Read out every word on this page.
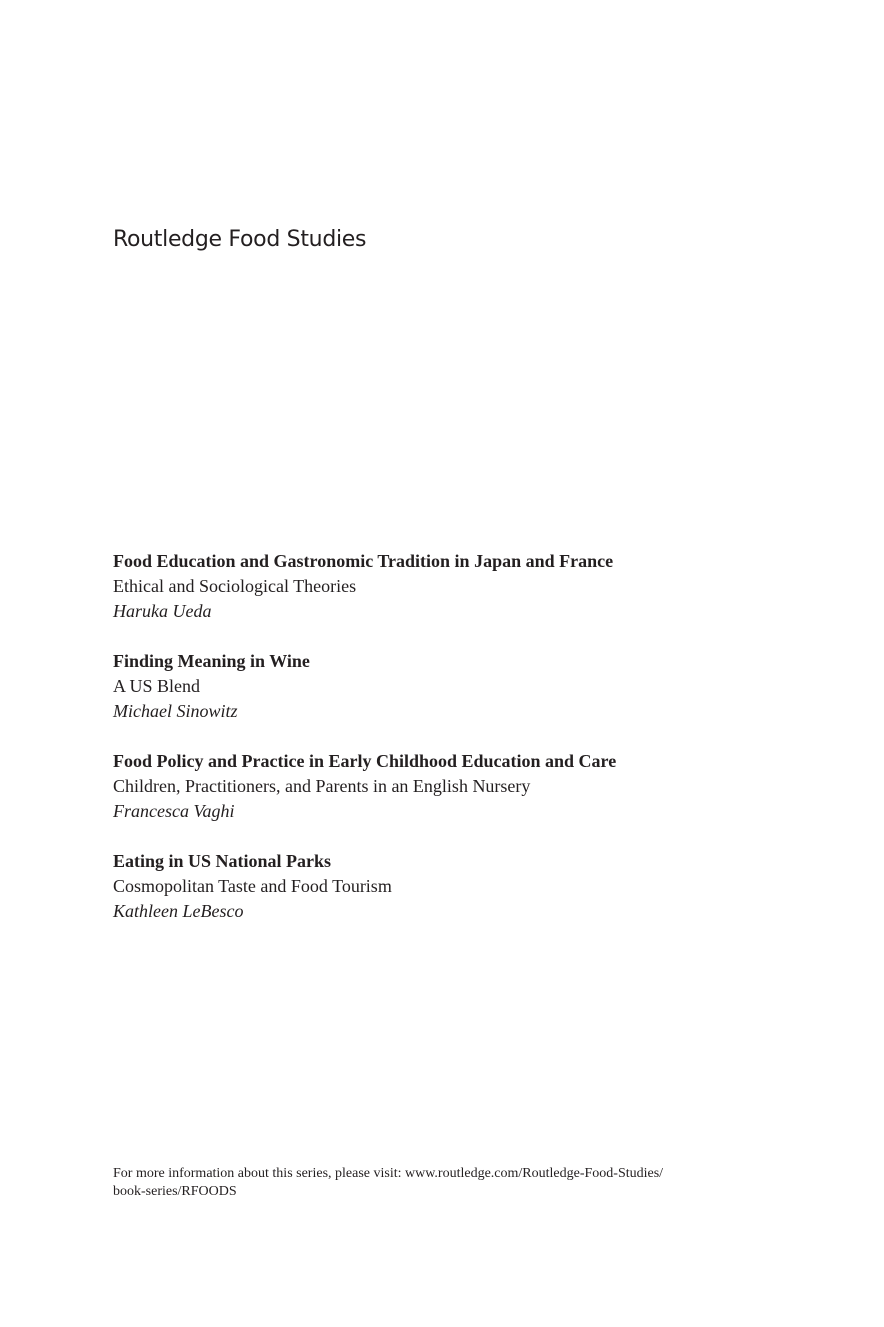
Routledge Food Studies
Food Education and Gastronomic Tradition in Japan and France
Ethical and Sociological Theories
Haruka Ueda
Finding Meaning in Wine
A US Blend
Michael Sinowitz
Food Policy and Practice in Early Childhood Education and Care
Children, Practitioners, and Parents in an English Nursery
Francesca Vaghi
Eating in US National Parks
Cosmopolitan Taste and Food Tourism
Kathleen LeBesco

For more information about this series, please visit: www.routledge.com/Routledge-Food-Studies/
book-series/RFOODS
